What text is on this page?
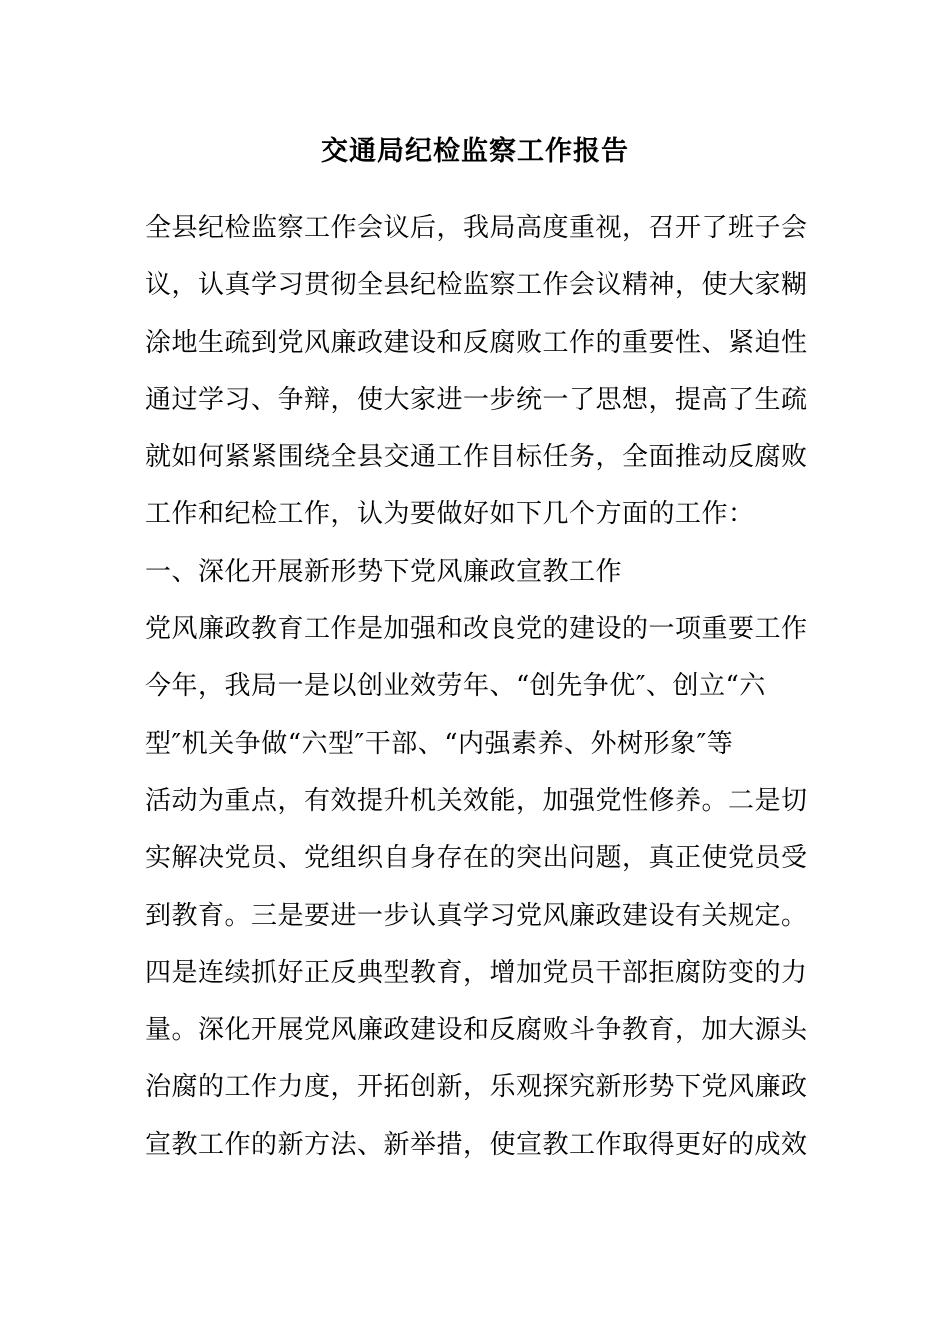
交通局纪检监察工作报告
全县纪检监察工作会议后，我局高度重视，召开了班子会
议，认真学习贯彻全县纪检监察工作会议精神，使大家糊
涂地生疏到党风廉政建设和反腐败工作的重要性、紧迫性
通过学习、争辩，使大家进一步统一了思想，提高了生疏
就如何紧紧围绕全县交通工作目标任务，全面推动反腐败
工作和纪检工作，认为要做好如下几个方面的工作：
一、深化开展新形势下党风廉政宣教工作
党风廉政教育工作是加强和改良党的建设的一项重要工作
今年，我局一是以创业效劳年、“创先争优″、创立“六
型″机关争做“六型″干部、“内强素养、外树形象″等
活动为重点，有效提升机关效能，加强党性修养。二是切
实解决党员、党组织自身存在的突出问题，真正使党员受
到教育。三是要进一步认真学习党风廉政建设有关规定。
四是连续抓好正反典型教育，增加党员干部拒腐防变的力
量。深化开展党风廉政建设和反腐败斗争教育，加大源头
治腐的工作力度，开拓创新，乐观探究新形势下党风廉政
宣教工作的新方法、新举措，使宣教工作取得更好的成效
